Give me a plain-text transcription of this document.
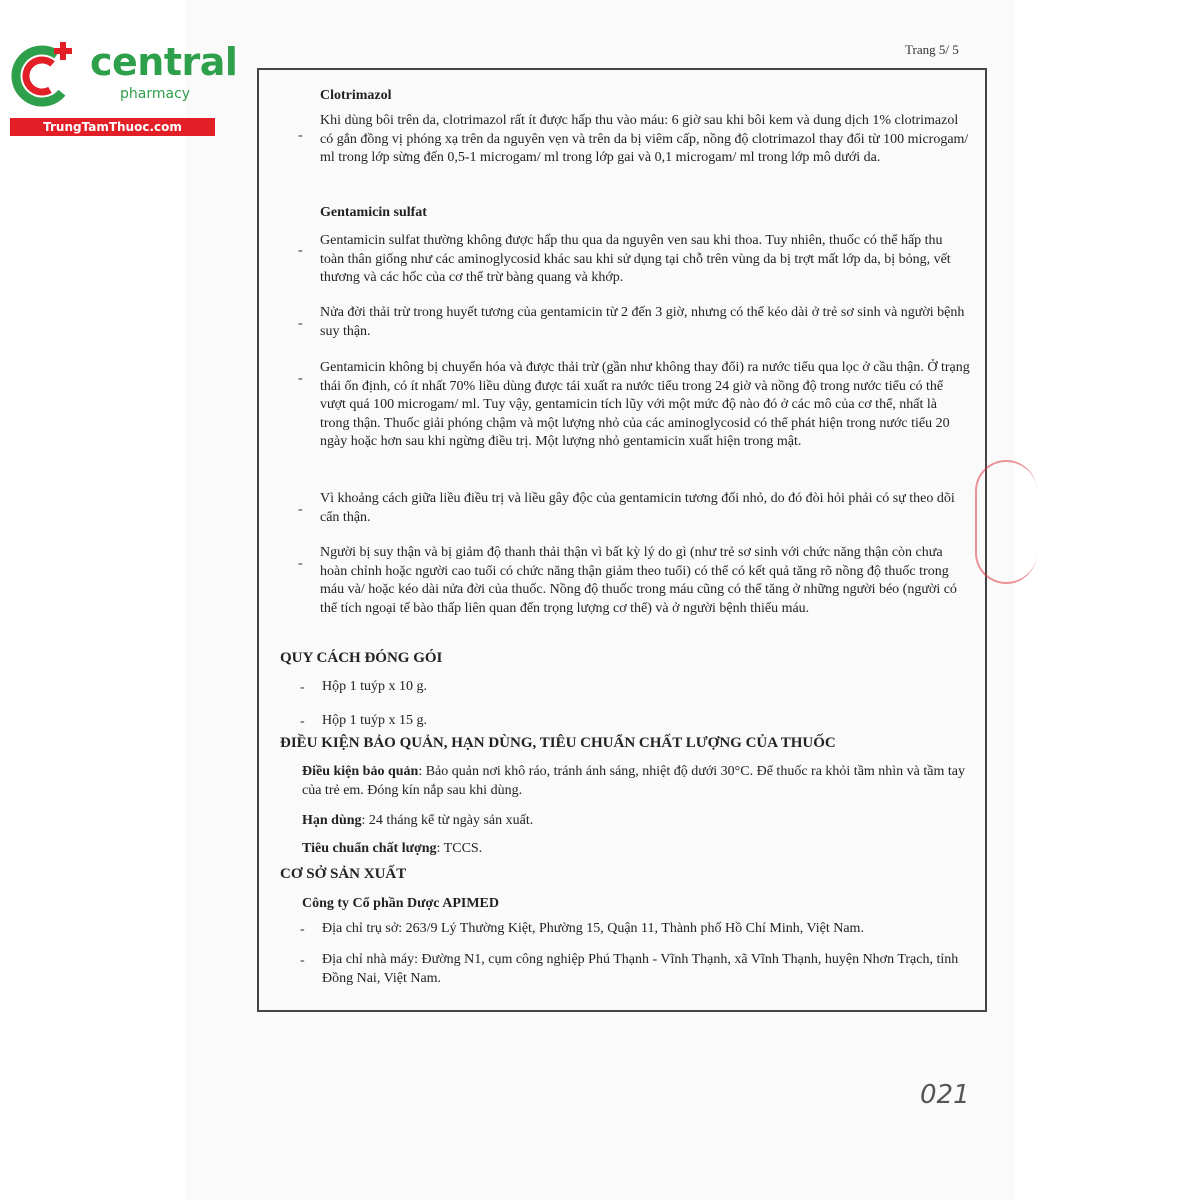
central
pharmacy
TrungTamThuoc.com
Trang 5/ 5
Clotrimazol
-
Khi dùng bôi trên da, clotrimazol rất ít được hấp thu vào máu: 6 giờ sau khi bôi kem và dung dịch 1% clotrimazol có gắn đồng vị phóng xạ trên da nguyên vẹn và trên da bị viêm cấp, nồng độ clotrimazol thay đổi từ 100 microgam/ ml trong lớp sừng đến 0,5-1 microgam/ ml trong lớp gai và 0,1 microgam/ ml trong lớp mô dưới da.
Gentamicin sulfat
-
Gentamicin sulfat thường không được hấp thu qua da nguyên ven sau khi thoa. Tuy nhiên, thuốc có thể hấp thu toàn thân giống như các aminoglycosid khác sau khi sử dụng tại chỗ trên vùng da bị trợt mất lớp da, bị bỏng, vết thương và các hốc của cơ thể trừ bàng quang và khớp.
-
Nửa đời thải trừ trong huyết tương của gentamicin từ 2 đến 3 giờ, nhưng có thể kéo dài ở trẻ sơ sinh và người bệnh suy thận.
-
Gentamicin không bị chuyển hóa và được thải trừ (gần như không thay đổi) ra nước tiểu qua lọc ở cầu thận. Ở trạng thái ổn định, có ít nhất 70% liều dùng được tái xuất ra nước tiểu trong 24 giờ và nồng độ trong nước tiểu có thể vượt quá 100 microgam/ ml. Tuy vậy, gentamicin tích lũy với một mức độ nào đó ở các mô của cơ thể, nhất là trong thận. Thuốc giải phóng chậm và một lượng nhỏ của các aminoglycosid có thể phát hiện trong nước tiểu 20 ngày hoặc hơn sau khi ngừng điều trị. Một lượng nhỏ gentamicin xuất hiện trong mật.
-
Vì khoảng cách giữa liều điều trị và liều gây độc của gentamicin tương đối nhỏ, do đó đòi hỏi phải có sự theo dõi cẩn thận.
-
Người bị suy thận và bị giảm độ thanh thải thận vì bất kỳ lý do gì (như trẻ sơ sinh với chức năng thận còn chưa hoàn chỉnh hoặc người cao tuổi có chức năng thận giảm theo tuổi) có thể có kết quả tăng rõ nồng độ thuốc trong máu và/ hoặc kéo dài nửa đời của thuốc. Nồng độ thuốc trong máu cũng có thể tăng ở những người béo (người có thể tích ngoại tế bào thấp liên quan đến trọng lượng cơ thể) và ở người bệnh thiếu máu.
QUY CÁCH ĐÓNG GÓI
- Hộp 1 tuýp x 10 g.
- Hộp 1 tuýp x 15 g.
ĐIỀU KIỆN BẢO QUẢN, HẠN DÙNG, TIÊU CHUẨN CHẤT LƯỢNG CỦA THUỐC
Điều kiện bảo quản: Bảo quản nơi khô ráo, tránh ánh sáng, nhiệt độ dưới 30°C. Để thuốc ra khỏi tầm nhìn và tầm tay của trẻ em. Đóng kín nắp sau khi dùng.
Hạn dùng: 24 tháng kể từ ngày sản xuất.
Tiêu chuẩn chất lượng: TCCS.
CƠ SỞ SẢN XUẤT
Công ty Cổ phần Dược APIMED
- Địa chỉ trụ sở: 263/9 Lý Thường Kiệt, Phường 15, Quận 11, Thành phố Hồ Chí Minh, Việt Nam.
- Địa chỉ nhà máy: Đường N1, cụm công nghiệp Phú Thạnh - Vĩnh Thạnh, xã Vĩnh Thạnh, huyện Nhơn Trạch, tỉnh Đồng Nai, Việt Nam.
021
